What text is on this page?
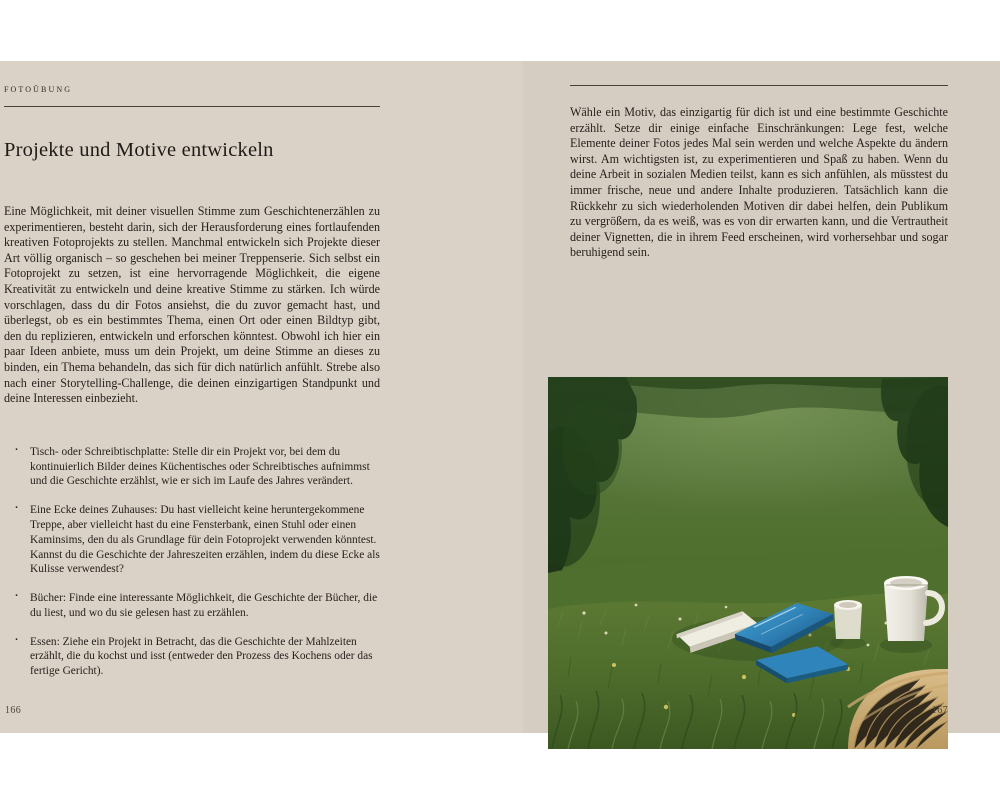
FOTOÜBUNG
Projekte und Motive entwickeln

Eine Möglichkeit, mit deiner visuellen Stimme zum Geschichtenerzählen zu experimentieren, besteht darin, sich der Herausforderung eines fortlaufenden kreativen Fotoprojekts zu stellen. Manchmal entwickeln sich Projekte dieser Art völlig organisch – so geschehen bei meiner Treppenserie. Sich selbst ein Fotoprojekt zu setzen, ist eine hervorragende Möglichkeit, die eigene Kreativität zu entwickeln und deine kreative Stimme zu stärken. Ich würde vorschlagen, dass du dir Fotos ansiehst, die du zuvor gemacht hast, und überlegst, ob es ein bestimmtes Thema, einen Ort oder einen Bildtyp gibt, den du replizieren, entwickeln und erforschen könntest. Obwohl ich hier ein paar Ideen anbiete, muss um dein Projekt, um deine Stimme an dieses zu binden, ein Thema behandeln, das sich für dich natürlich anfühlt. Strebe also nach einer Storytelling-Challenge, die deinen einzigartigen Standpunkt und deine Interessen einbezieht.

· Tisch- oder Schreibtischplatte: Stelle dir ein Projekt vor, bei dem du kontinuierlich Bilder deines Küchentisches oder Schreibtisches aufnimmst und die Geschichte erzählst, wie er sich im Laufe des Jahres verändert.
· Eine Ecke deines Zuhauses: Du hast vielleicht keine heruntergekommene Treppe, aber vielleicht hast du eine Fensterbank, einen Stuhl oder einen Kaminsims, den du als Grundlage für dein Fotoprojekt verwenden könntest. Kannst du die Geschichte der Jahreszeiten erzählen, indem du diese Ecke als Kulisse verwendest?
· Bücher: Finde eine interessante Möglichkeit, die Geschichte der Bücher, die du liest, und wo du sie gelesen hast zu erzählen.
· Essen: Ziehe ein Projekt in Betracht, das die Geschichte der Mahlzeiten erzählt, die du kochst und isst (entweder den Prozess des Kochens oder das fertige Gericht).
166

Wähle ein Motiv, das einzigartig für dich ist und eine bestimmte Geschichte erzählt. Setze dir einige einfache Einschränkungen: Lege fest, welche Elemente deiner Fotos jedes Mal sein werden und welche Aspekte du ändern wirst. Am wichtigsten ist, zu experimentieren und Spaß zu haben. Wenn du deine Arbeit in sozialen Medien teilst, kann es sich anfühlen, als müsstest du immer frische, neue und andere Inhalte produzieren. Tatsächlich kann die Rückkehr zu sich wiederholenden Motiven dir dabei helfen, dein Publikum zu vergrößern, da es weiß, was es von dir erwarten kann, und die Vertrautheit deiner Vignetten, die in ihrem Feed erscheinen, wird vorhersehbar und sogar beruhigend sein.

167
